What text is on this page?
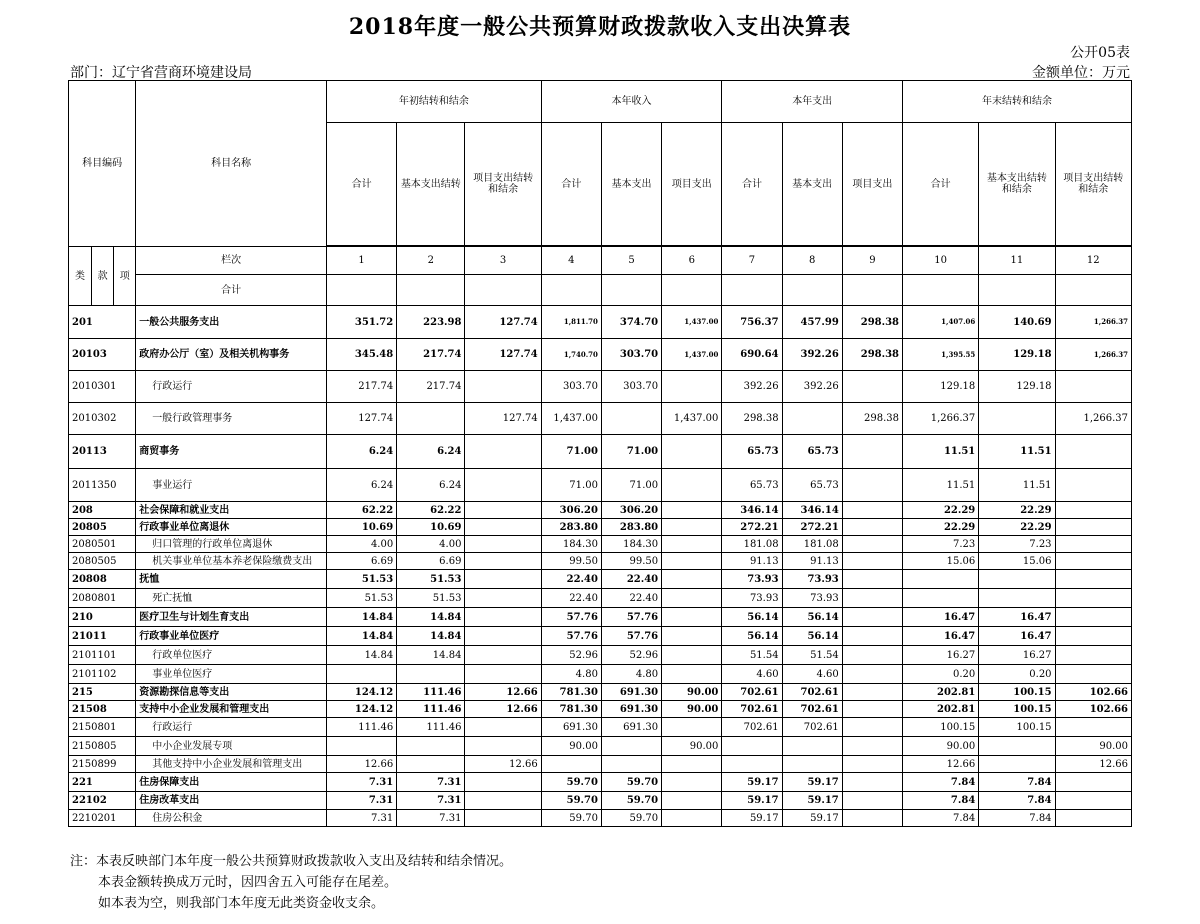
2018年度一般公共预算财政拨款收入支出决算表
公开05表
部门：辽宁省营商环境建设局	金额单位：万元
科目编码			科目名称	年初结转和结余			本年收入			本年支出			年末结转和结余		
				合计	基本支出结转	项目支出结转和结余	合计	基本支出	项目支出	合计	基本支出	项目支出	合计	基本支出结转和结余	项目支出结转和结余

类	款	项	栏次	1	2	3	4	5	6	7	8	9	10	11	12
			合计												
201			一般公共服务支出	351.72	223.98	127.74	1,811.70	374.70	1,437.00	756.37	457.99	298.38	1,407.06	140.69	1,266.37
20103			政府办公厅（室）及相关机构事务	345.48	217.74	127.74	1,740.70	303.70	1,437.00	690.64	392.26	298.38	1,395.55	129.18	1,266.37
2010301			行政运行	217.74	217.74		303.70	303.70		392.26	392.26		129.18	129.18	
2010302			一般行政管理事务	127.74		127.74	1,437.00		1,437.00	298.38		298.38	1,266.37		1,266.37
20113			商贸事务	6.24	6.24		71.00	71.00		65.73	65.73		11.51	11.51	
2011350			事业运行	6.24	6.24		71.00	71.00		65.73	65.73		11.51	11.51	
208			社会保障和就业支出	62.22	62.22		306.20	306.20		346.14	346.14		22.29	22.29	
20805			行政事业单位离退休	10.69	10.69		283.80	283.80		272.21	272.21		22.29	22.29	
2080501			归口管理的行政单位离退休	4.00	4.00		184.30	184.30		181.08	181.08		7.23	7.23	
2080505			机关事业单位基本养老保险缴费支出	6.69	6.69		99.50	99.50		91.13	91.13		15.06	15.06	
20808			抚恤	51.53	51.53		22.40	22.40		73.93	73.93				
2080801			死亡抚恤	51.53	51.53		22.40	22.40		73.93	73.93				
210			医疗卫生与计划生育支出	14.84	14.84		57.76	57.76		56.14	56.14		16.47	16.47	
21011			行政事业单位医疗	14.84	14.84		57.76	57.76		56.14	56.14		16.47	16.47	
2101101			行政单位医疗	14.84	14.84		52.96	52.96		51.54	51.54		16.27	16.27	
2101102			事业单位医疗				4.80	4.80		4.60	4.60		0.20	0.20	
215			资源勘探信息等支出	124.12	111.46	12.66	781.30	691.30	90.00	702.61	702.61		202.81	100.15	102.66
21508			支持中小企业发展和管理支出	124.12	111.46	12.66	781.30	691.30	90.00	702.61	702.61		202.81	100.15	102.66
2150801			行政运行	111.46	111.46		691.30	691.30		702.61	702.61		100.15	100.15	
2150805			中小企业发展专项				90.00		90.00				90.00		90.00
2150899			其他支持中小企业发展和管理支出	12.66		12.66							12.66		12.66
221			住房保障支出	7.31	7.31		59.70	59.70		59.17	59.17		7.84	7.84	
22102			住房改革支出	7.31	7.31		59.70	59.70		59.17	59.17		7.84	7.84	
2210201			住房公积金	7.31	7.31		59.70	59.70		59.17	59.17		7.84	7.84	
注：本表反映部门本年度一般公共预算财政拨款收入支出及结转和结余情况。
本表金额转换成万元时，因四舍五入可能存在尾差。
如本表为空，则我部门本年度无此类资金收支余。
